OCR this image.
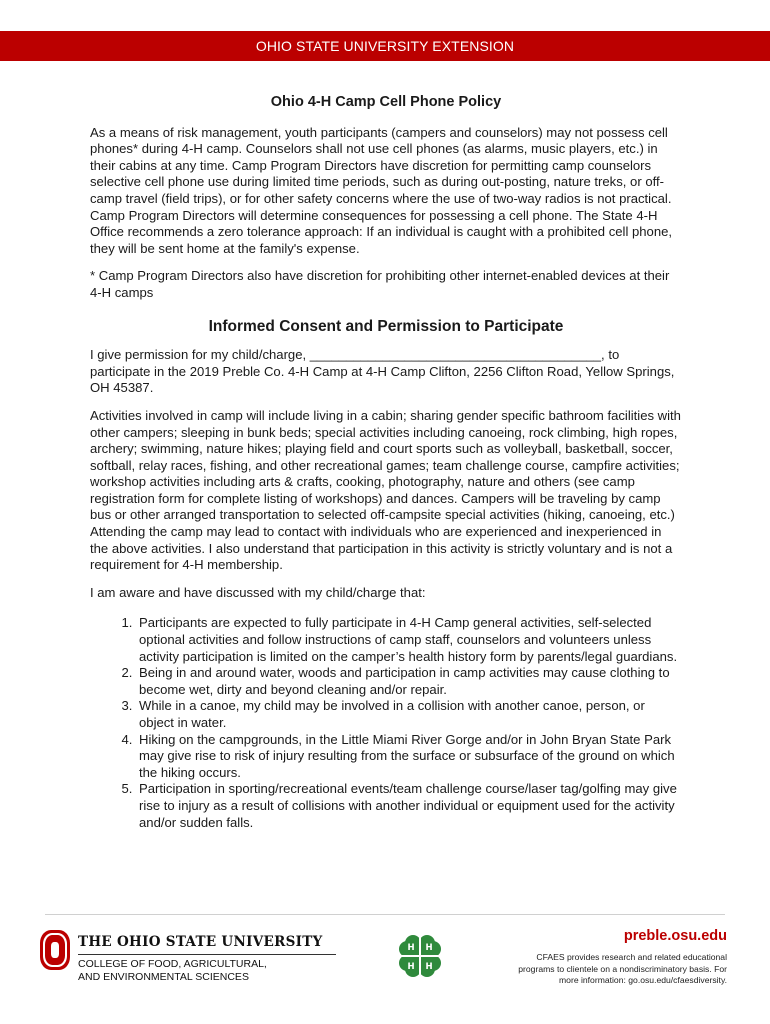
OHIO STATE UNIVERSITY EXTENSION
Ohio 4-H Camp Cell Phone Policy

As a means of risk management, youth participants (campers and counselors) may not possess cell phones* during 4-H camp. Counselors shall not use cell phones (as alarms, music players, etc.) in their cabins at any time. Camp Program Directors have discretion for permitting camp counselors selective cell phone use during limited time periods, such as during out-posting, nature treks, or off-camp travel (field trips), or for other safety concerns where the use of two-way radios is not practical. Camp Program Directors will determine consequences for possessing a cell phone. The State 4-H Office recommends a zero tolerance approach: If an individual is caught with a prohibited cell phone, they will be sent home at the family's expense.

* Camp Program Directors also have discretion for prohibiting other internet-enabled devices at their 4-H camps

Informed Consent and Permission to Participate

I give permission for my child/charge, ________________________________________, to participate in the 2019 Preble Co. 4-H Camp at 4-H Camp Clifton, 2256 Clifton Road, Yellow Springs, OH 45387.

Activities involved in camp will include living in a cabin; sharing gender specific bathroom facilities with other campers; sleeping in bunk beds; special activities including canoeing, rock climbing, high ropes, archery; swimming, nature hikes; playing field and court sports such as volleyball, basketball, soccer, softball, relay races, fishing, and other recreational games; team challenge course, campfire activities; workshop activities including arts & crafts, cooking, photography, nature and others (see camp registration form for complete listing of workshops) and dances. Campers will be traveling by camp bus or other arranged transportation to selected off-campsite special activities (hiking, canoeing, etc.) Attending the camp may lead to contact with individuals who are experienced and inexperienced in the above activities. I also understand that participation in this activity is strictly voluntary and is not a requirement for 4-H membership.

I am aware and have discussed with my child/charge that:

1. Participants are expected to fully participate in 4-H Camp general activities, self-selected optional activities and follow instructions of camp staff, counselors and volunteers unless activity participation is limited on the camper’s health history form by parents/legal guardians.
2. Being in and around water, woods and participation in camp activities may cause clothing to become wet, dirty and beyond cleaning and/or repair.
3. While in a canoe, my child may be involved in a collision with another canoe, person, or object in water.
4. Hiking on the campgrounds, in the Little Miami River Gorge and/or in John Bryan State Park may give rise to risk of injury resulting from the surface or subsurface of the ground on which the hiking occurs.
5. Participation in sporting/recreational events/team challenge course/laser tag/golfing may give rise to injury as a result of collisions with another individual or equipment used for the activity and/or sudden falls.
THE OHIO STATE UNIVERSITY
COLLEGE OF FOOD, AGRICULTURAL,
AND ENVIRONMENTAL SCIENCES
H H
H H
preble.osu.edu
CFAES provides research and related educational
programs to clientele on a nondiscriminatory basis. For
more information: go.osu.edu/cfaesdiversity.
